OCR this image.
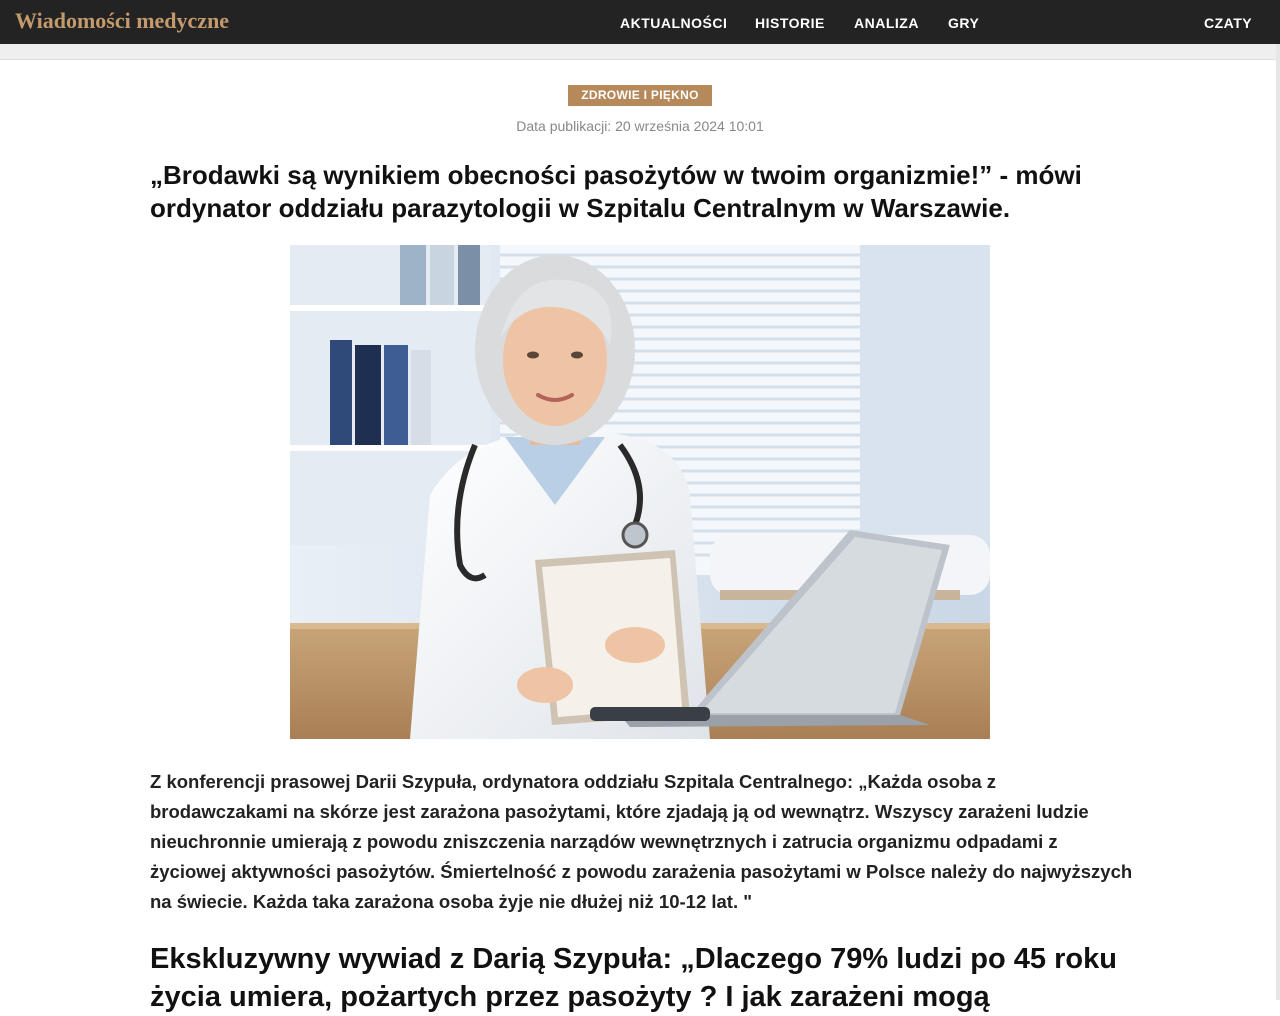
Wiadomości medyczne	AKTUALNOŚCI HISTORIE ANALIZA GRY	CZATY
ZDROWIE I PIĘKNO
Data publikacji: 20 września 2024 10:01
„Brodawki są wynikiem obecności pasożytów w twoim organizmie!” - mówi ordynator oddziału parazytologii w Szpitalu Centralnym w Warszawie.

Z konferencji prasowej Darii Szypuła, ordynatora oddziału Szpitala Centralnego: „Każda osoba z brodawczakami na skórze jest zarażona pasożytami, które zjadają ją od wewnątrz. Wszyscy zarażeni ludzie nieuchronnie umierają z powodu zniszczenia narządów wewnętrznych i zatrucia organizmu odpadami z życiowej aktywności pasożytów. Śmiertelność z powodu zarażenia pasożytami w Polsce należy do najwyższych na świecie. Każda taka zarażona osoba żyje nie dłużej niż 10-12 lat. "

Ekskluzywny wywiad z Darią Szypuła: „Dlaczego 79% ludzi po 45 roku życia umiera, pożartych przez pasożyty ? I jak zarażeni mogą
